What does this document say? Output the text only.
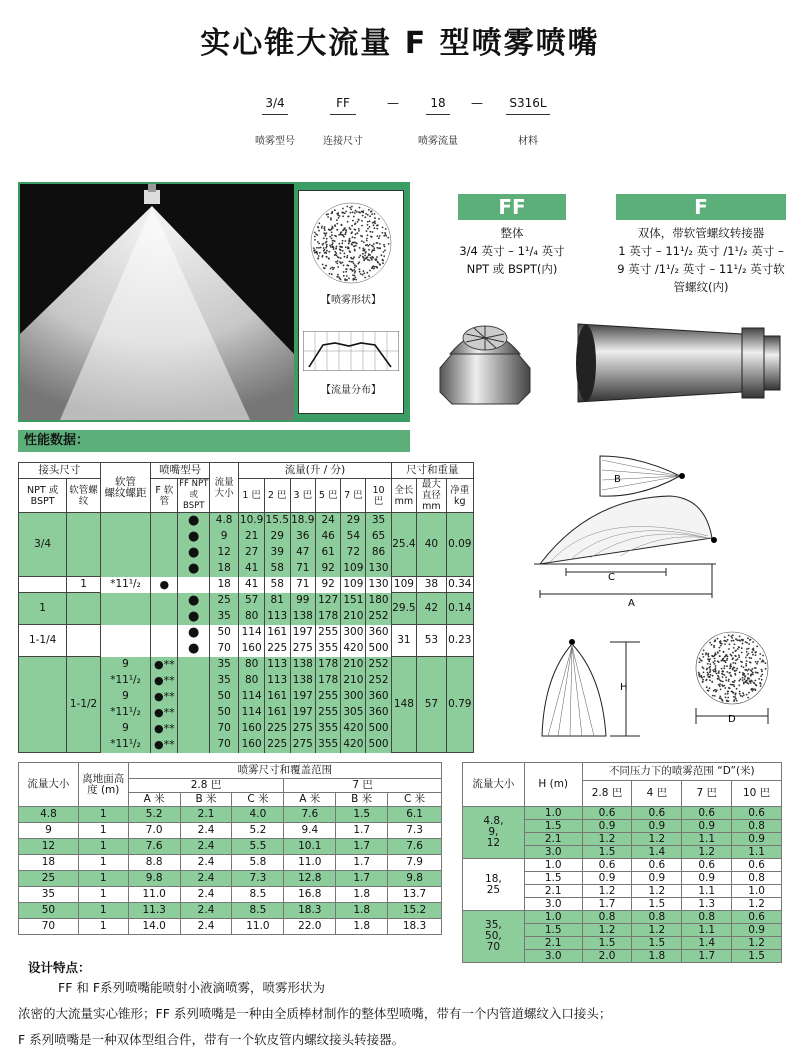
实心锥大流量 F 型喷雾喷嘴
3/4	FF	—	18	—	S316L
喷雾型号	连接尺寸	喷雾流量	材料
【喷雾形状】
【流量分布】
FF
整体
3/4 英寸 – 1¹/₄ 英寸
NPT 或 BSPT(内)
F
双体，带软管螺纹转接器
1 英寸 – 11¹/₂ 英寸 /1¹/₂ 英寸 –
9 英寸 /1¹/₂ 英寸 – 11¹/₂ 英寸软
管螺纹(内)
性能数据：
接头尺寸		软管
螺纹螺距	喷嘴型号		流量大小	流量(升 / 分)						尺寸和重量		
NPT 或 BSPT	软管螺纹		F 软管	FF NPT 或 BSPT		1 巴	2 巴	3 巴	5 巴	7 巴	10 巴	全长 mm	最大直径 mm	净重 kg

3/4				●	4.8	10.9	15.5	18.9	24	29	35	25.4	40	0.09
				●	9	21	29	36	46	54	65			
				●	12	27	39	47	61	72	86			
				●	18	41	58	71	92	109	130			
	1	*11¹/₂	●		18	41	58	71	92	109	130	109	38	0.34
1				●	25	57	81	99	127	151	180	29.5	42	0.14
				●	35	80	113	138	178	210	252			
1-1/4				●	50	114	161	197	255	300	360	31	53	0.23
				●	70	160	225	275	355	420	500			
	1-1/2	9	●**		35	80	113	138	178	210	252	148	57	0.79
		*11¹/₂	●**		35	80	113	138	178	210	252			
		9	●**		50	114	161	197	255	300	360			
		*11¹/₂	●**		50	114	161	197	255	305	360			
		9	●**		70	160	225	275	355	420	500			
		*11¹/₂	●**		70	160	225	275	355	420	500			
B
C
A
H
D
流量大小	离地面高度 (m)	喷雾尺寸和覆盖范围					
		2.8 巴			7 巴		
		A 米	B 米	C 米	A 米	B 米	C 米
4.8	1	5.2	2.1	4.0	7.6	1.5	6.1
9	1	7.0	2.4	5.2	9.4	1.7	7.3
12	1	7.6	2.4	5.5	10.1	1.7	7.6
18	1	8.8	2.4	5.8	11.0	1.7	7.9
25	1	9.8	2.4	7.3	12.8	1.7	9.8
35	1	11.0	2.4	8.5	16.8	1.8	13.7
50	1	11.3	2.4	8.5	18.3	1.8	15.2
70	1	14.0	2.4	11.0	22.0	1.8	18.3
流量大小	H (m)	不同压力下的喷雾范围 “D”(米)			
		2.8 巴	4 巴	7 巴	10 巴
4.8,
9,
12	1.0	0.6	0.6	0.6	0.6
	1.5	0.9	0.9	0.9	0.8
	2.1	1.2	1.2	1.1	0.9
	3.0	1.5	1.4	1.2	1.1
18,
25	1.0	0.6	0.6	0.6	0.6
	1.5	0.9	0.9	0.9	0.8
	2.1	1.2	1.2	1.1	1.0
	3.0	1.7	1.5	1.3	1.2
35,
50,
70	1.0	0.8	0.8	0.8	0.6
	1.5	1.2	1.2	1.1	0.9
	2.1	1.5	1.5	1.4	1.2
	3.0	2.0	1.8	1.7	1.5
设计特点：
FF 和 F系列喷嘴能喷射小液滴喷雾，喷雾形状为
浓密的大流量实心锥形；FF 系列喷嘴是一种由全质棒材制作的整体型喷嘴，带有一个内管道螺纹入口接头；
F 系列喷嘴是一种双体型组合件，带有一个软皮管内螺纹接头转接器。
